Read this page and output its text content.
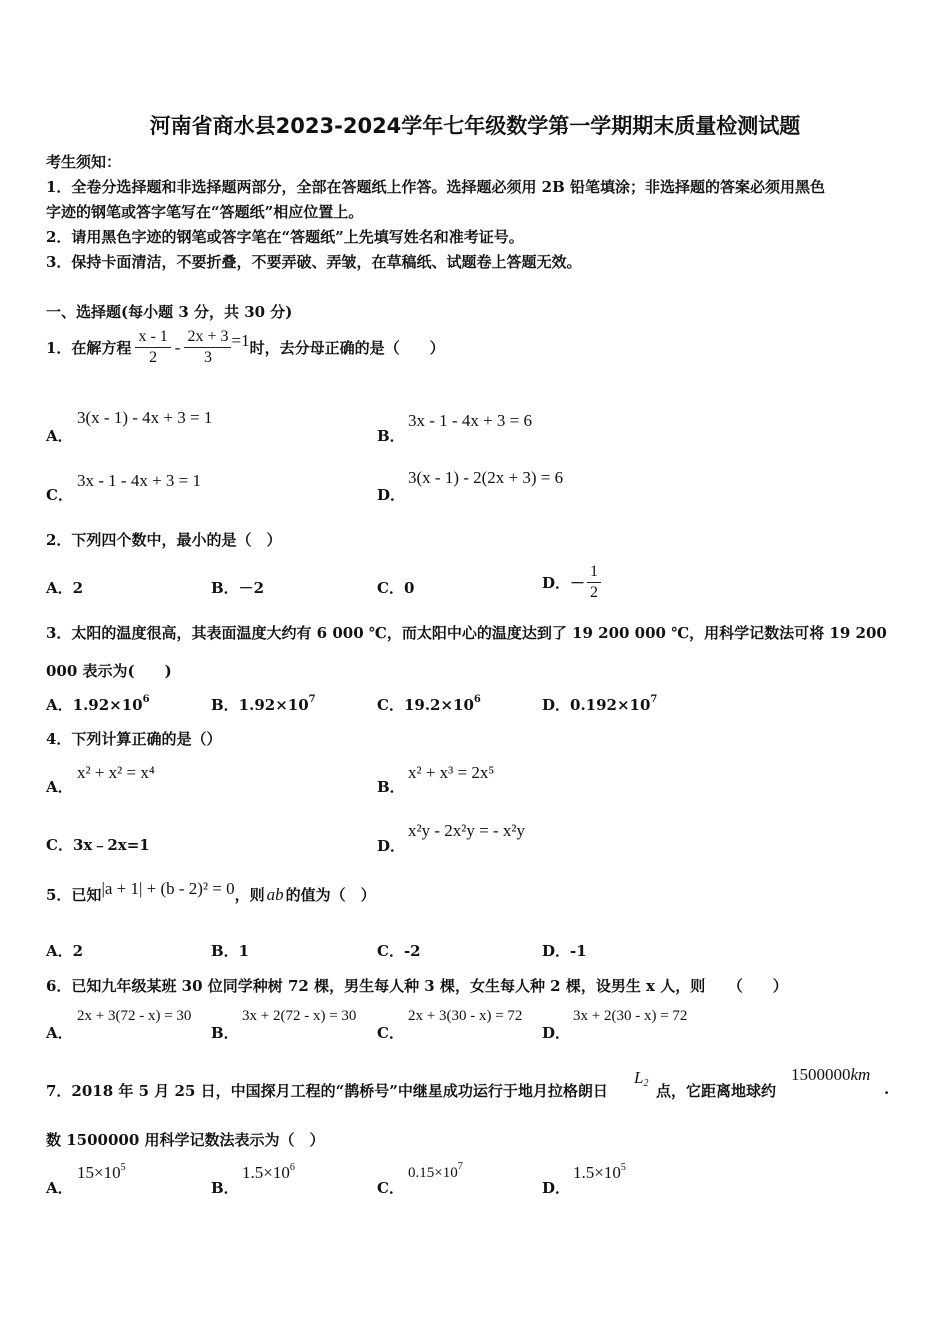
河南省商水县2023-2024学年七年级数学第一学期期末质量检测试题
考生须知：
1．全卷分选择题和非选择题两部分，全部在答题纸上作答。选择题必须用 2B 铅笔填涂；非选择题的答案必须用黑色
字迹的钢笔或答字笔写在“答题纸”相应位置上。
2．请用黑色字迹的钢笔或答字笔在“答题纸”上先填写姓名和准考证号。
3．保持卡面清洁，不要折叠，不要弄破、弄皱，在草稿纸、试题卷上答题无效。
一、选择题(每小题 3 分，共 30 分)
1．在解方程 $\frac{x - 1}{2} - \frac{2x + 3}{3} =1$ 时，去分母正确的是（　　）
A．
3(x - 1) - 4x + 3 = 1
B．
3x - 1 - 4x + 3 = 6
C．
3x - 1 - 4x + 3 = 1
D．
3(x - 1) - 2(2x + 3) = 6
2．下列四个数中，最小的是（　）
A．2	B．－2	C．0	D．－ $\frac{1}{2}$
3．太阳的温度很高，其表面温度大约有 6 000 ℃，而太阳中心的温度达到了 19 200 000 ℃，用科学记数法可将 19 200
000 表示为(　　)
A．$1.92\times 10^6$	B．$1.92\times 10^7$	C．$19.2\times 10^6$	D．$0.192\times 10^7$
4．下列计算正确的是（）
A．
x² + x² = x⁴
B．
x² + x³ = 2x⁵
C．3x﹣2x=1	D．
x²y - 2x²y = - x²y
5．已知 |a + 1| + (b - 2)² = 0 ，则 ab 的值为（　）
A．2	B．1	C．-2	D．-1
6．已知九年级某班 30 位同学种树 72 棵，男生每人种 3 棵，女生每人种 2 棵，设男生 x 人，则　　（　　）
A．
2x + 3(72 - x) = 30
B．
3x + 2(72 - x) = 30
C．
2x + 3(30 - x) = 72
D．
3x + 2(30 - x) = 72
7．2018 年 5 月 25 日，中国探月工程的“鹊桥号”中继星成功运行于地月拉格朗日
$L_2$ 点，它距离地球约
1500000km
.
数 1500000 用科学记数法表示为（　）
A．
$15\times 10^5$
B．
$1.5\times 10^6$
C．
$0.15\times 10^7$
D．
$1.5\times 10^5$
